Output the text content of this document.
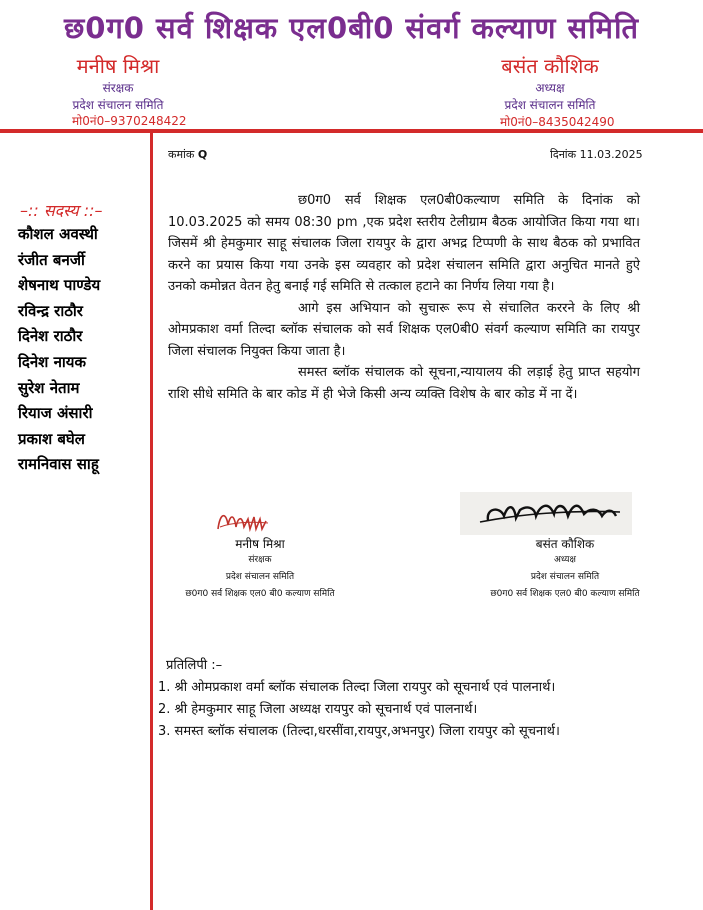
छ0ग0 सर्व शिक्षक एल0बी0 संवर्ग कल्याण समिति
मनीष मिश्रा
संरक्षक
प्रदेश संचालन समिति
मो0नं0–9370248422
बसंत कौशिक
अध्यक्ष
प्रदेश संचालन समिति
मो0नं0–8435042490
कमांक Q	दिनांक 11.03.2025
–:: सदस्य ::–
कौशल अवस्थी
रंजीत बनर्जी
शेषनाथ पाण्डेय
रविन्द्र राठौर
दिनेश राठौर
दिनेश नायक
सुरेश नेताम
रियाज अंसारी
प्रकाश बघेल
रामनिवास साहू

छ0ग0 सर्व शिक्षक एल0बी0कल्याण समिति के दिनांक को 10.03.2025 को समय 08:30 pm ,एक प्रदेश स्तरीय टेलीग्राम बैठक आयोजित किया गया था। जिसमें श्री हेमकुमार साहू संचालक जिला रायपुर के द्वारा अभद्र टिप्पणी के साथ बैठक को प्रभावित करने का प्रयास किया गया उनके इस व्यवहार को प्रदेश संचालन समिति द्वारा अनुचित मानते हुऐ उनको कमोन्नत वेतन हेतु बनाई गई समिति से तत्काल हटाने का निर्णय लिया गया है।

आगे इस अभियान को सुचारू रूप से संचालित कररने के लिए श्री ओमप्रकाश वर्मा तिल्दा ब्लॉक संचालक को सर्व शिक्षक एल0बी0 संवर्ग कल्याण समिति का रायपुर जिला संचालक नियुक्त किया जाता है।

समस्त ब्लॉक संचालक को सूचना,न्यायालय की लड़ाई हेतु प्राप्त सहयोग राशि सीधे समिति के बार कोड में ही भेजे किसी अन्य व्यक्ति विशेष के बार कोड में ना दें।

मनीष मिश्रा
संरक्षक
प्रदेश संचालन समिति
छ0ग0 सर्व शिक्षक एल0 बी0 कल्याण समिति
बसंत कौशिक
अध्यक्ष
प्रदेश संचालन समिति
छ0ग0 सर्व शिक्षक एल0 बी0 कल्याण समिति

प्रतिलिपी :–

1. श्री ओमप्रकाश वर्मा ब्लॉक संचालक तिल्दा जिला रायपुर को सूचनार्थ एवं पालनार्थ।

2. श्री हेमकुमार साहू जिला अध्यक्ष रायपुर को सूचनार्थ एवं पालनार्थ।

3. समस्त ब्लॉक संचालक (तिल्दा,धरसींवा,रायपुर,अभनपुर) जिला रायपुर को सूचनार्थ।
